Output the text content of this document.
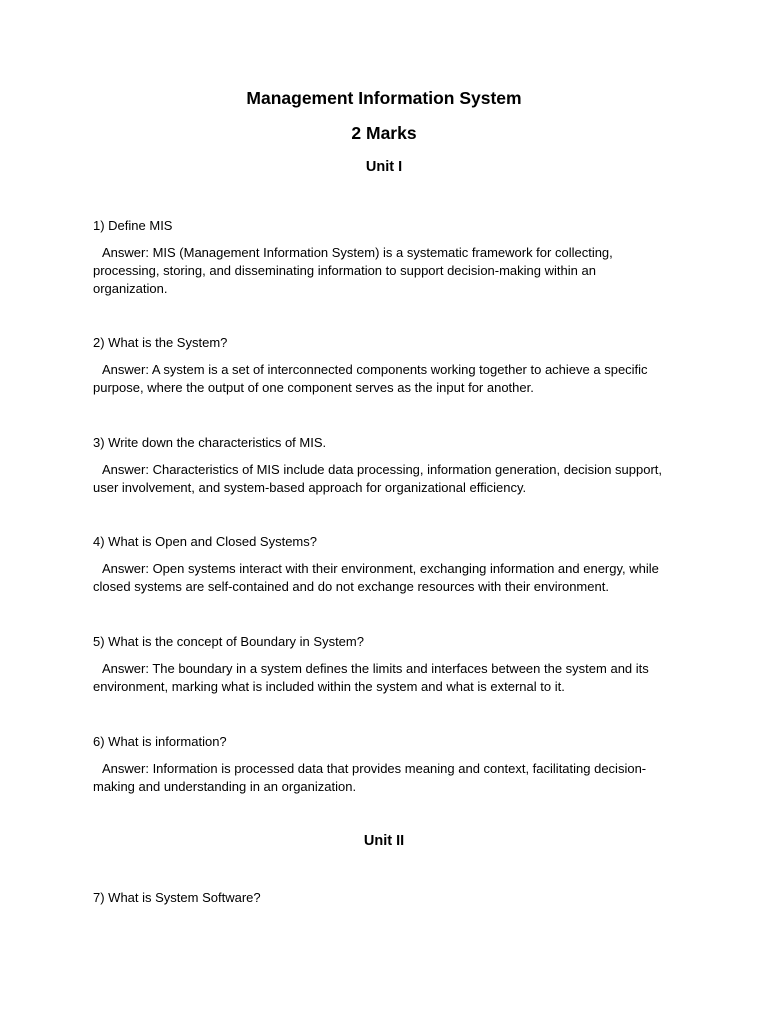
Management Information System
2 Marks
Unit I
1) Define MIS
Answer: MIS (Management Information System) is a systematic framework for collecting, processing, storing, and disseminating information to support decision-making within an organization.
2) What is the System?
Answer: A system is a set of interconnected components working together to achieve a specific purpose, where the output of one component serves as the input for another.
3) Write down the characteristics of MIS.
Answer: Characteristics of MIS include data processing, information generation, decision support, user involvement, and system-based approach for organizational efficiency.
4) What is Open and Closed Systems?
Answer: Open systems interact with their environment, exchanging information and energy, while closed systems are self-contained and do not exchange resources with their environment.
5) What is the concept of Boundary in System?
Answer: The boundary in a system defines the limits and interfaces between the system and its environment, marking what is included within the system and what is external to it.
6) What is information?
Answer: Information is processed data that provides meaning and context, facilitating decision-making and understanding in an organization.
Unit II
7) What is System Software?
